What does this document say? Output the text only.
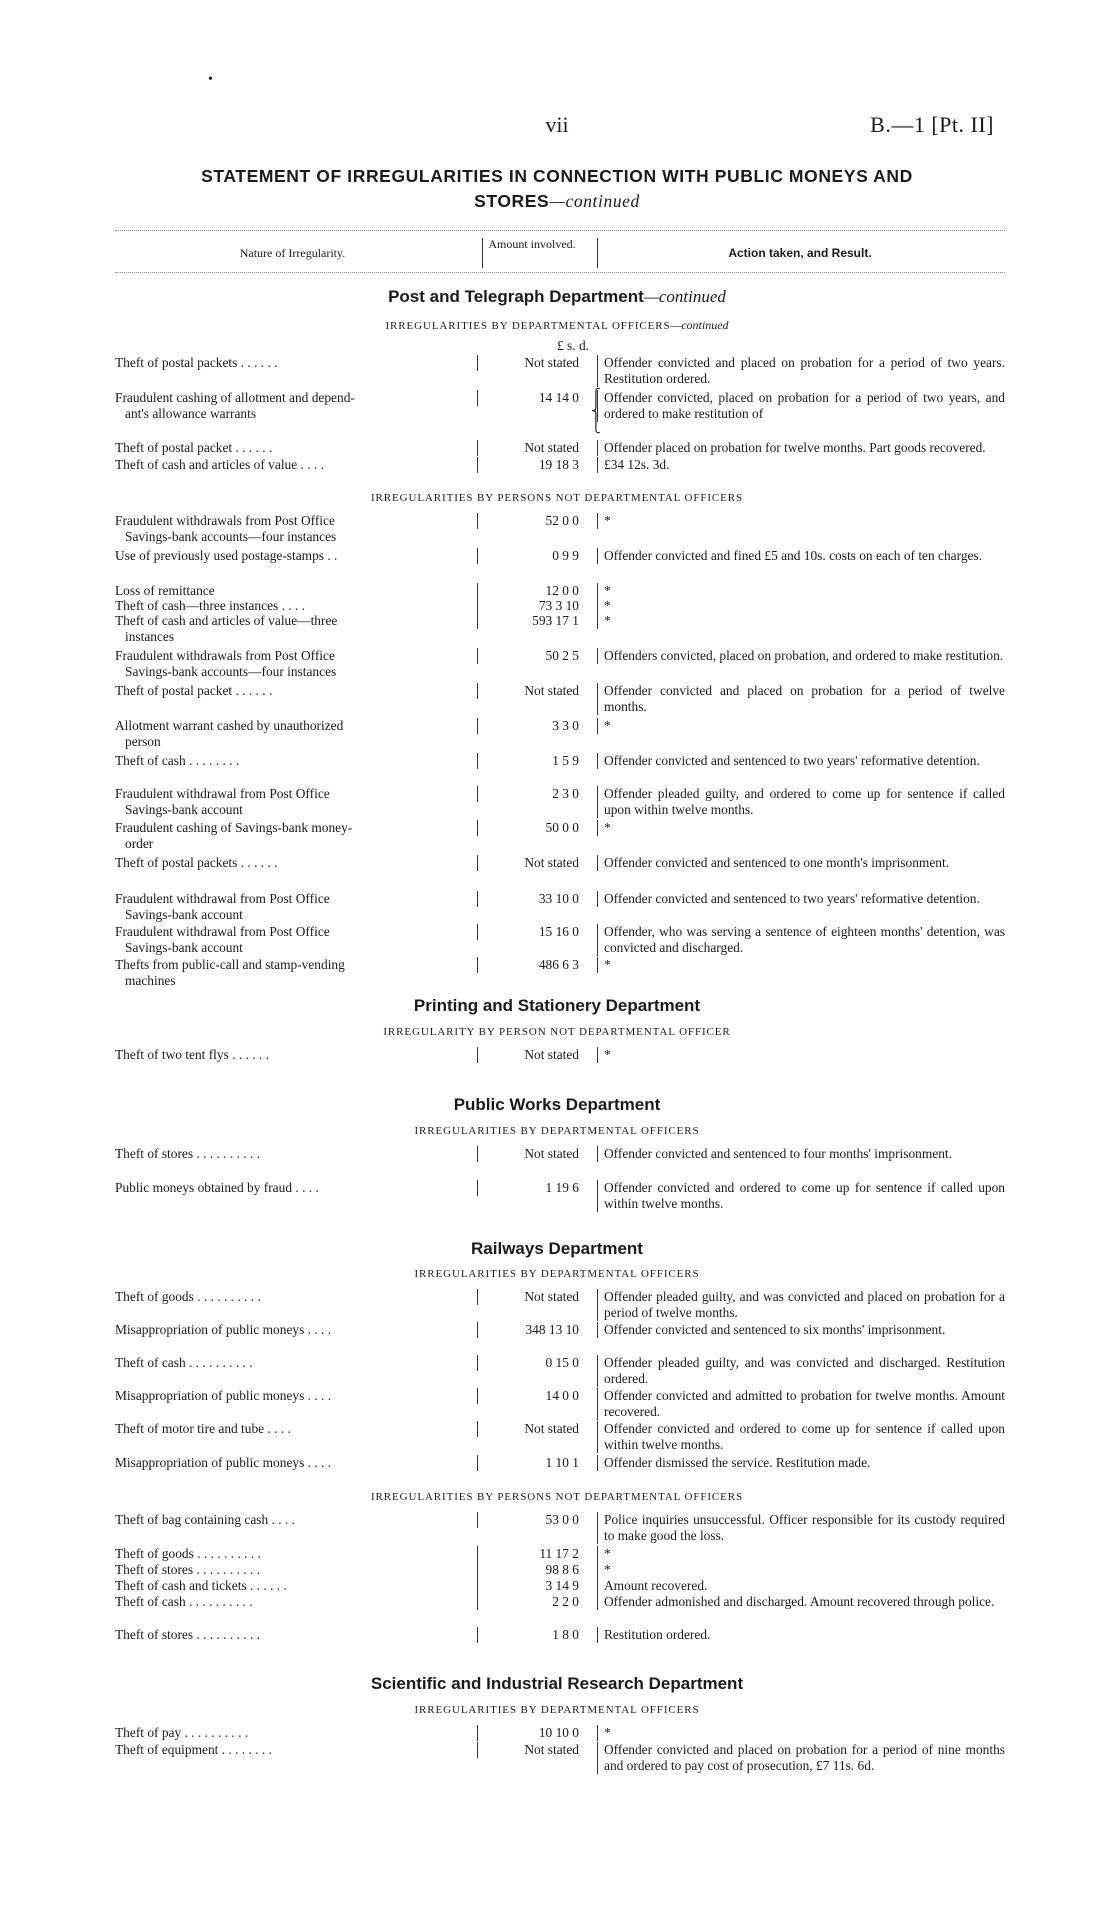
•
vii	B.—1 [Pt. II]
STATEMENT OF IRREGULARITIES IN CONNECTION WITH PUBLIC MONEYS AND
STORES—continued
Nature of Irregularity.
Amount involved.
Action taken, and Result.
Post and Telegraph Department—continued
IRREGULARITIES BY DEPARTMENTAL OFFICERS—continued
£ s. d.
Theft of postal packets . . . . . .	Not stated	Offender convicted and placed on probation for a period of two years. Restitution ordered.
Fraudulent cashing of allotment and depend-
ant's allowance warrants
14 14 0	Offender convicted, placed on probation for a period of two years, and ordered to make restitution of
Theft of cash and articles of value . . . .	19 18 3	£34 12s. 3d.
Theft of postal packet . . . . . .	Not stated	Offender placed on probation for twelve months. Part goods recovered.
IRREGULARITIES BY PERSONS NOT DEPARTMENTAL OFFICERS
Fraudulent withdrawals from Post Office
Savings-bank accounts—four instances
52 0 0	*
Use of previously used postage-stamps . .	0 9 9	Offender convicted and fined £5 and 10s. costs on each of ten charges.
Loss of remittance	12 0 0	*
Theft of cash—three instances . . . .	73 3 10	*
Theft of cash and articles of value—three
instances
593 17 1	*
Fraudulent withdrawals from Post Office
Savings-bank accounts—four instances
50 2 5	Offenders convicted, placed on probation, and ordered to make restitution.
Theft of postal packet . . . . . .	Not stated	Offender convicted and placed on probation for a period of twelve months.
Allotment warrant cashed by unauthorized
person
3 3 0	*
Theft of cash . . . . . . . .	1 5 9	Offender convicted and sentenced to two years' reformative detention.
Fraudulent withdrawal from Post Office
Savings-bank account
2 3 0	Offender pleaded guilty, and ordered to come up for sentence if called upon within twelve months.
Fraudulent cashing of Savings-bank money-
order
50 0 0	*
Theft of postal packets . . . . . .	Not stated	Offender convicted and sentenced to one month's imprisonment.
Fraudulent withdrawal from Post Office
Savings-bank account
33 10 0	Offender convicted and sentenced to two years' reformative detention.
Fraudulent withdrawal from Post Office
Savings-bank account
15 16 0	Offender, who was serving a sentence of eighteen months' detention, was convicted and discharged.
Thefts from public-call and stamp-vending
machines
486 6 3	*
Printing and Stationery Department
IRREGULARITY BY PERSON NOT DEPARTMENTAL OFFICER
Theft of two tent flys . . . . . .	Not stated	*
Public Works Department
IRREGULARITIES BY DEPARTMENTAL OFFICERS
Theft of stores . . . . . . . . . .	Not stated	Offender convicted and sentenced to four months' imprisonment.
Public moneys obtained by fraud . . . .	1 19 6	Offender convicted and ordered to come up for sentence if called upon within twelve months.
Railways Department
IRREGULARITIES BY DEPARTMENTAL OFFICERS
Theft of goods . . . . . . . . . .	Not stated	Offender pleaded guilty, and was convicted and placed on probation for a period of twelve months.
Misappropriation of public moneys . . . .	348 13 10	Offender convicted and sentenced to six months' imprisonment.
Theft of cash . . . . . . . . . .	0 15 0	Offender pleaded guilty, and was convicted and discharged. Restitution ordered.
Misappropriation of public moneys . . . .	14 0 0	Offender convicted and admitted to probation for twelve months. Amount recovered.
Theft of motor tire and tube . . . .	Not stated	Offender convicted and ordered to come up for sentence if called upon within twelve months.
Misappropriation of public moneys . . . .	1 10 1	Offender dismissed the service. Restitution made.
IRREGULARITIES BY PERSONS NOT DEPARTMENTAL OFFICERS
Theft of bag containing cash . . . .	53 0 0	Police inquiries unsuccessful. Officer responsible for its custody required to make good the loss.
Theft of goods . . . . . . . . . .	11 17 2	*
Theft of stores . . . . . . . . . .	98 8 6	*
Theft of cash and tickets . . . . . .	3 14 9	Amount recovered.
Theft of cash . . . . . . . . . .	2 2 0	Offender admonished and discharged. Amount recovered through police.
Theft of stores . . . . . . . . . .	1 8 0	Restitution ordered.
Scientific and Industrial Research Department
IRREGULARITIES BY DEPARTMENTAL OFFICERS
Theft of pay . . . . . . . . . .	10 10 0	*
Theft of equipment . . . . . . . .	Not stated	Offender convicted and placed on probation for a period of nine months and ordered to pay cost of prosecution, £7 11s. 6d.
⎧
⎨
⎩
